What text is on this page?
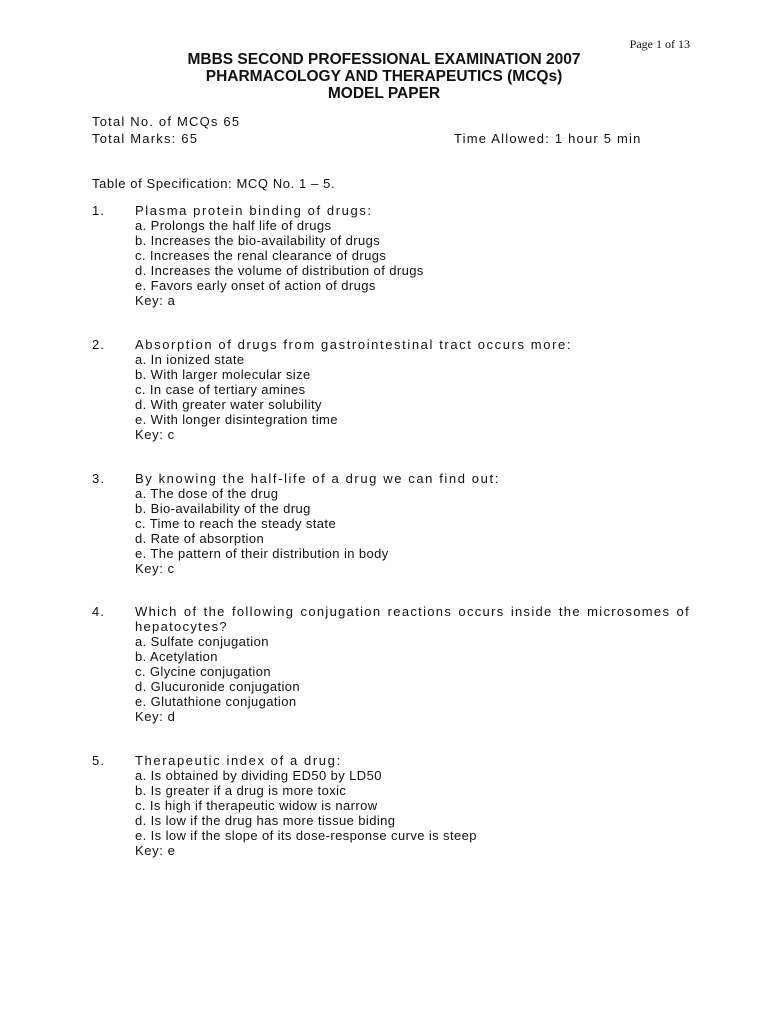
Page 1 of 13
MBBS SECOND PROFESSIONAL EXAMINATION 2007
PHARMACOLOGY AND THERAPEUTICS (MCQs)
MODEL PAPER
Total No. of MCQs 65
Total Marks: 65	Time Allowed: 1 hour 5 min
Table of Specification: MCQ No. 1 – 5.
1. Plasma protein binding of drugs:
a. Prolongs the half life of drugs
b. Increases the bio-availability of drugs
c. Increases the renal clearance of drugs
d. Increases the volume of distribution of drugs
e. Favors early onset of action of drugs
Key: a
2. Absorption of drugs from gastrointestinal tract occurs more:
a. In ionized state
b. With larger molecular size
c. In case of tertiary amines
d. With greater water solubility
e. With longer disintegration time
Key: c
3. By knowing the half-life of a drug we can find out:
a. The dose of the drug
b. Bio-availability of the drug
c. Time to reach the steady state
d. Rate of absorption
e. The pattern of their distribution in body
Key: c
4. Which of the following conjugation reactions occurs inside the microsomes of hepatocytes?
a. Sulfate conjugation
b. Acetylation
c. Glycine conjugation
d. Glucuronide conjugation
e. Glutathione conjugation
Key: d
5. Therapeutic index of a drug:
a. Is obtained by dividing ED50 by LD50
b. Is greater if a drug is more toxic
c. Is high if therapeutic widow is narrow
d. Is low if the drug has more tissue biding
e. Is low if the slope of its dose-response curve is steep
Key: e
